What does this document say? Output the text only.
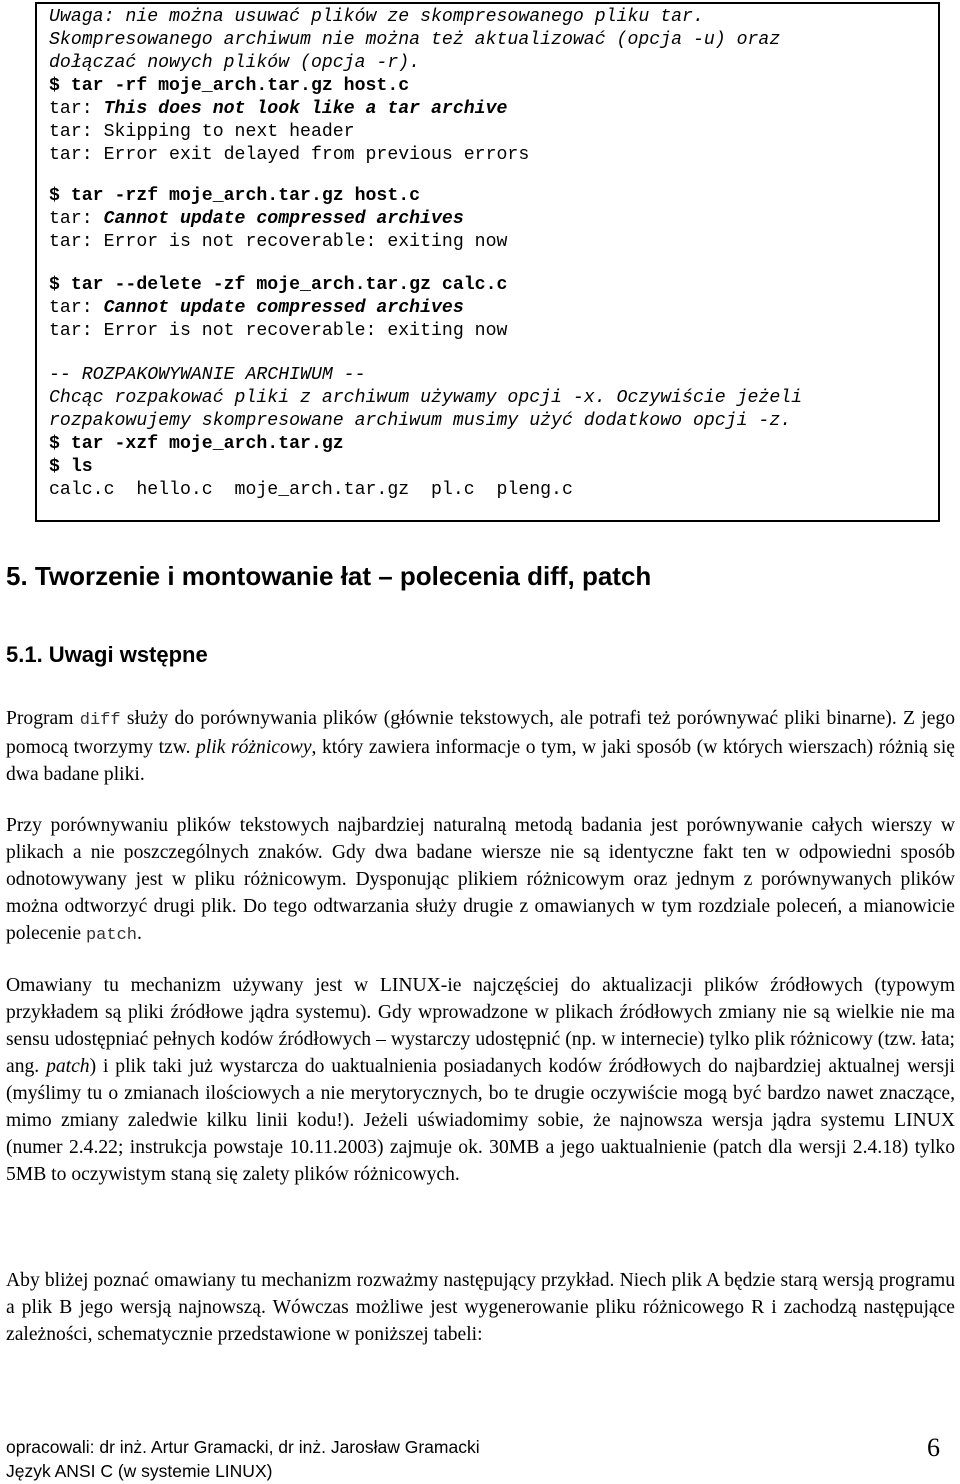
Uwaga: nie można usuwać plików ze skompresowanego pliku tar.
Skompresowanego archiwum nie można też aktualizować (opcja -u) oraz
dołączać nowych plików (opcja -r).
$ tar -rf moje_arch.tar.gz host.c
tar: This does not look like a tar archive
tar: Skipping to next header
tar: Error exit delayed from previous errors
$ tar -rzf moje_arch.tar.gz host.c
tar: Cannot update compressed archives
tar: Error is not recoverable: exiting now
$ tar --delete -zf moje_arch.tar.gz calc.c
tar: Cannot update compressed archives
tar: Error is not recoverable: exiting now
-- ROZPAKOWYWANIE ARCHIWUM --
Chcąc rozpakować pliki z archiwum używamy opcji -x. Oczywiście jeżeli
rozpakowujemy skompresowane archiwum musimy użyć dodatkowo opcji -z.
$ tar -xzf moje_arch.tar.gz
$ ls
calc.c  hello.c  moje_arch.tar.gz  pl.c  pleng.c
5. Tworzenie i montowanie łat – polecenia diff, patch
5.1. Uwagi wstępne

Program diff służy do porównywania plików (głównie tekstowych, ale potrafi też porównywać pliki binarne). Z jego pomocą tworzymy tzw. plik różnicowy, który zawiera informacje o tym, w jaki sposób (w których wierszach) różnią się dwa badane pliki.

Przy porównywaniu plików tekstowych najbardziej naturalną metodą badania jest porównywanie całych wierszy w plikach a nie poszczególnych znaków. Gdy dwa badane wiersze nie są identyczne fakt ten w odpowiedni sposób odnotowywany jest w pliku różnicowym. Dysponując plikiem różnicowym oraz jednym z porównywanych plików można odtworzyć drugi plik. Do tego odtwarzania służy drugie z omawianych w tym rozdziale poleceń, a mianowicie polecenie patch.

Omawiany tu mechanizm używany jest w LINUX-ie najczęściej do aktualizacji plików źródłowych (typowym przykładem są pliki źródłowe jądra systemu). Gdy wprowadzone w plikach źródłowych zmiany nie są wielkie nie ma sensu udostępniać pełnych kodów źródłowych – wystarczy udostępnić (np. w internecie) tylko plik różnicowy (tzw. łata; ang. patch) i plik taki już wystarcza do uaktualnienia posiadanych kodów źródłowych do najbardziej aktualnej wersji (myślimy tu o zmianach ilościowych a nie merytorycznych, bo te drugie oczywiście mogą być bardzo nawet znaczące, mimo zmiany zaledwie kilku linii kodu!). Jeżeli uświadomimy sobie, że najnowsza wersja jądra systemu LINUX (numer 2.4.22; instrukcja powstaje 10.11.2003) zajmuje ok. 30MB a jego uaktualnienie (patch dla wersji 2.4.18) tylko 5MB to oczywistym staną się zalety plików różnicowych.

Aby bliżej poznać omawiany tu mechanizm rozważmy następujący przykład. Niech plik A będzie starą wersją programu a plik B jego wersją najnowszą. Wówczas możliwe jest wygenerowanie pliku różnicowego R i zachodzą następujące zależności, schematycznie przedstawione w poniższej tabeli:

opracowali: dr inż. Artur Gramacki, dr inż. Jarosław Gramacki
Język ANSI C (w systemie LINUX)
6
